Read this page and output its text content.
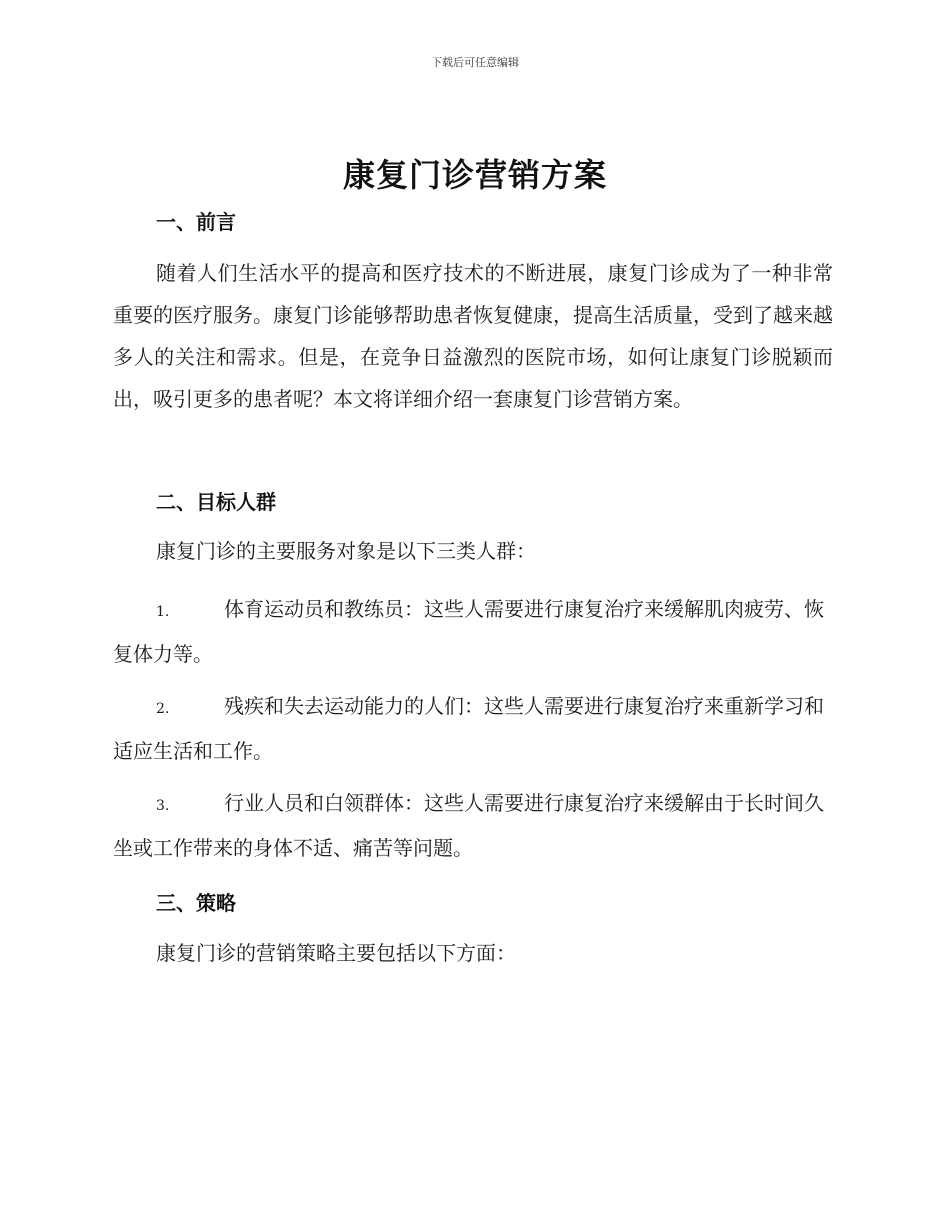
下载后可任意编辑
康复门诊营销方案

一、前言

随着人们生活水平的提高和医疗技术的不断进展，康复门诊成为了一种非常重要的医疗服务。康复门诊能够帮助患者恢复健康，提高生活质量，受到了越来越多人的关注和需求。但是，在竞争日益激烈的医院市场，如何让康复门诊脱颖而出，吸引更多的患者呢？本文将详细介绍一套康复门诊营销方案。

二、目标人群

康复门诊的主要服务对象是以下三类人群：

1.	体育运动员和教练员：这些人需要进行康复治疗来缓解肌肉疲劳、恢复体力等。

2.	残疾和失去运动能力的人们：这些人需要进行康复治疗来重新学习和适应生活和工作。

3.	行业人员和白领群体：这些人需要进行康复治疗来缓解由于长时间久坐或工作带来的身体不适、痛苦等问题。

三、策略

康复门诊的营销策略主要包括以下方面：
